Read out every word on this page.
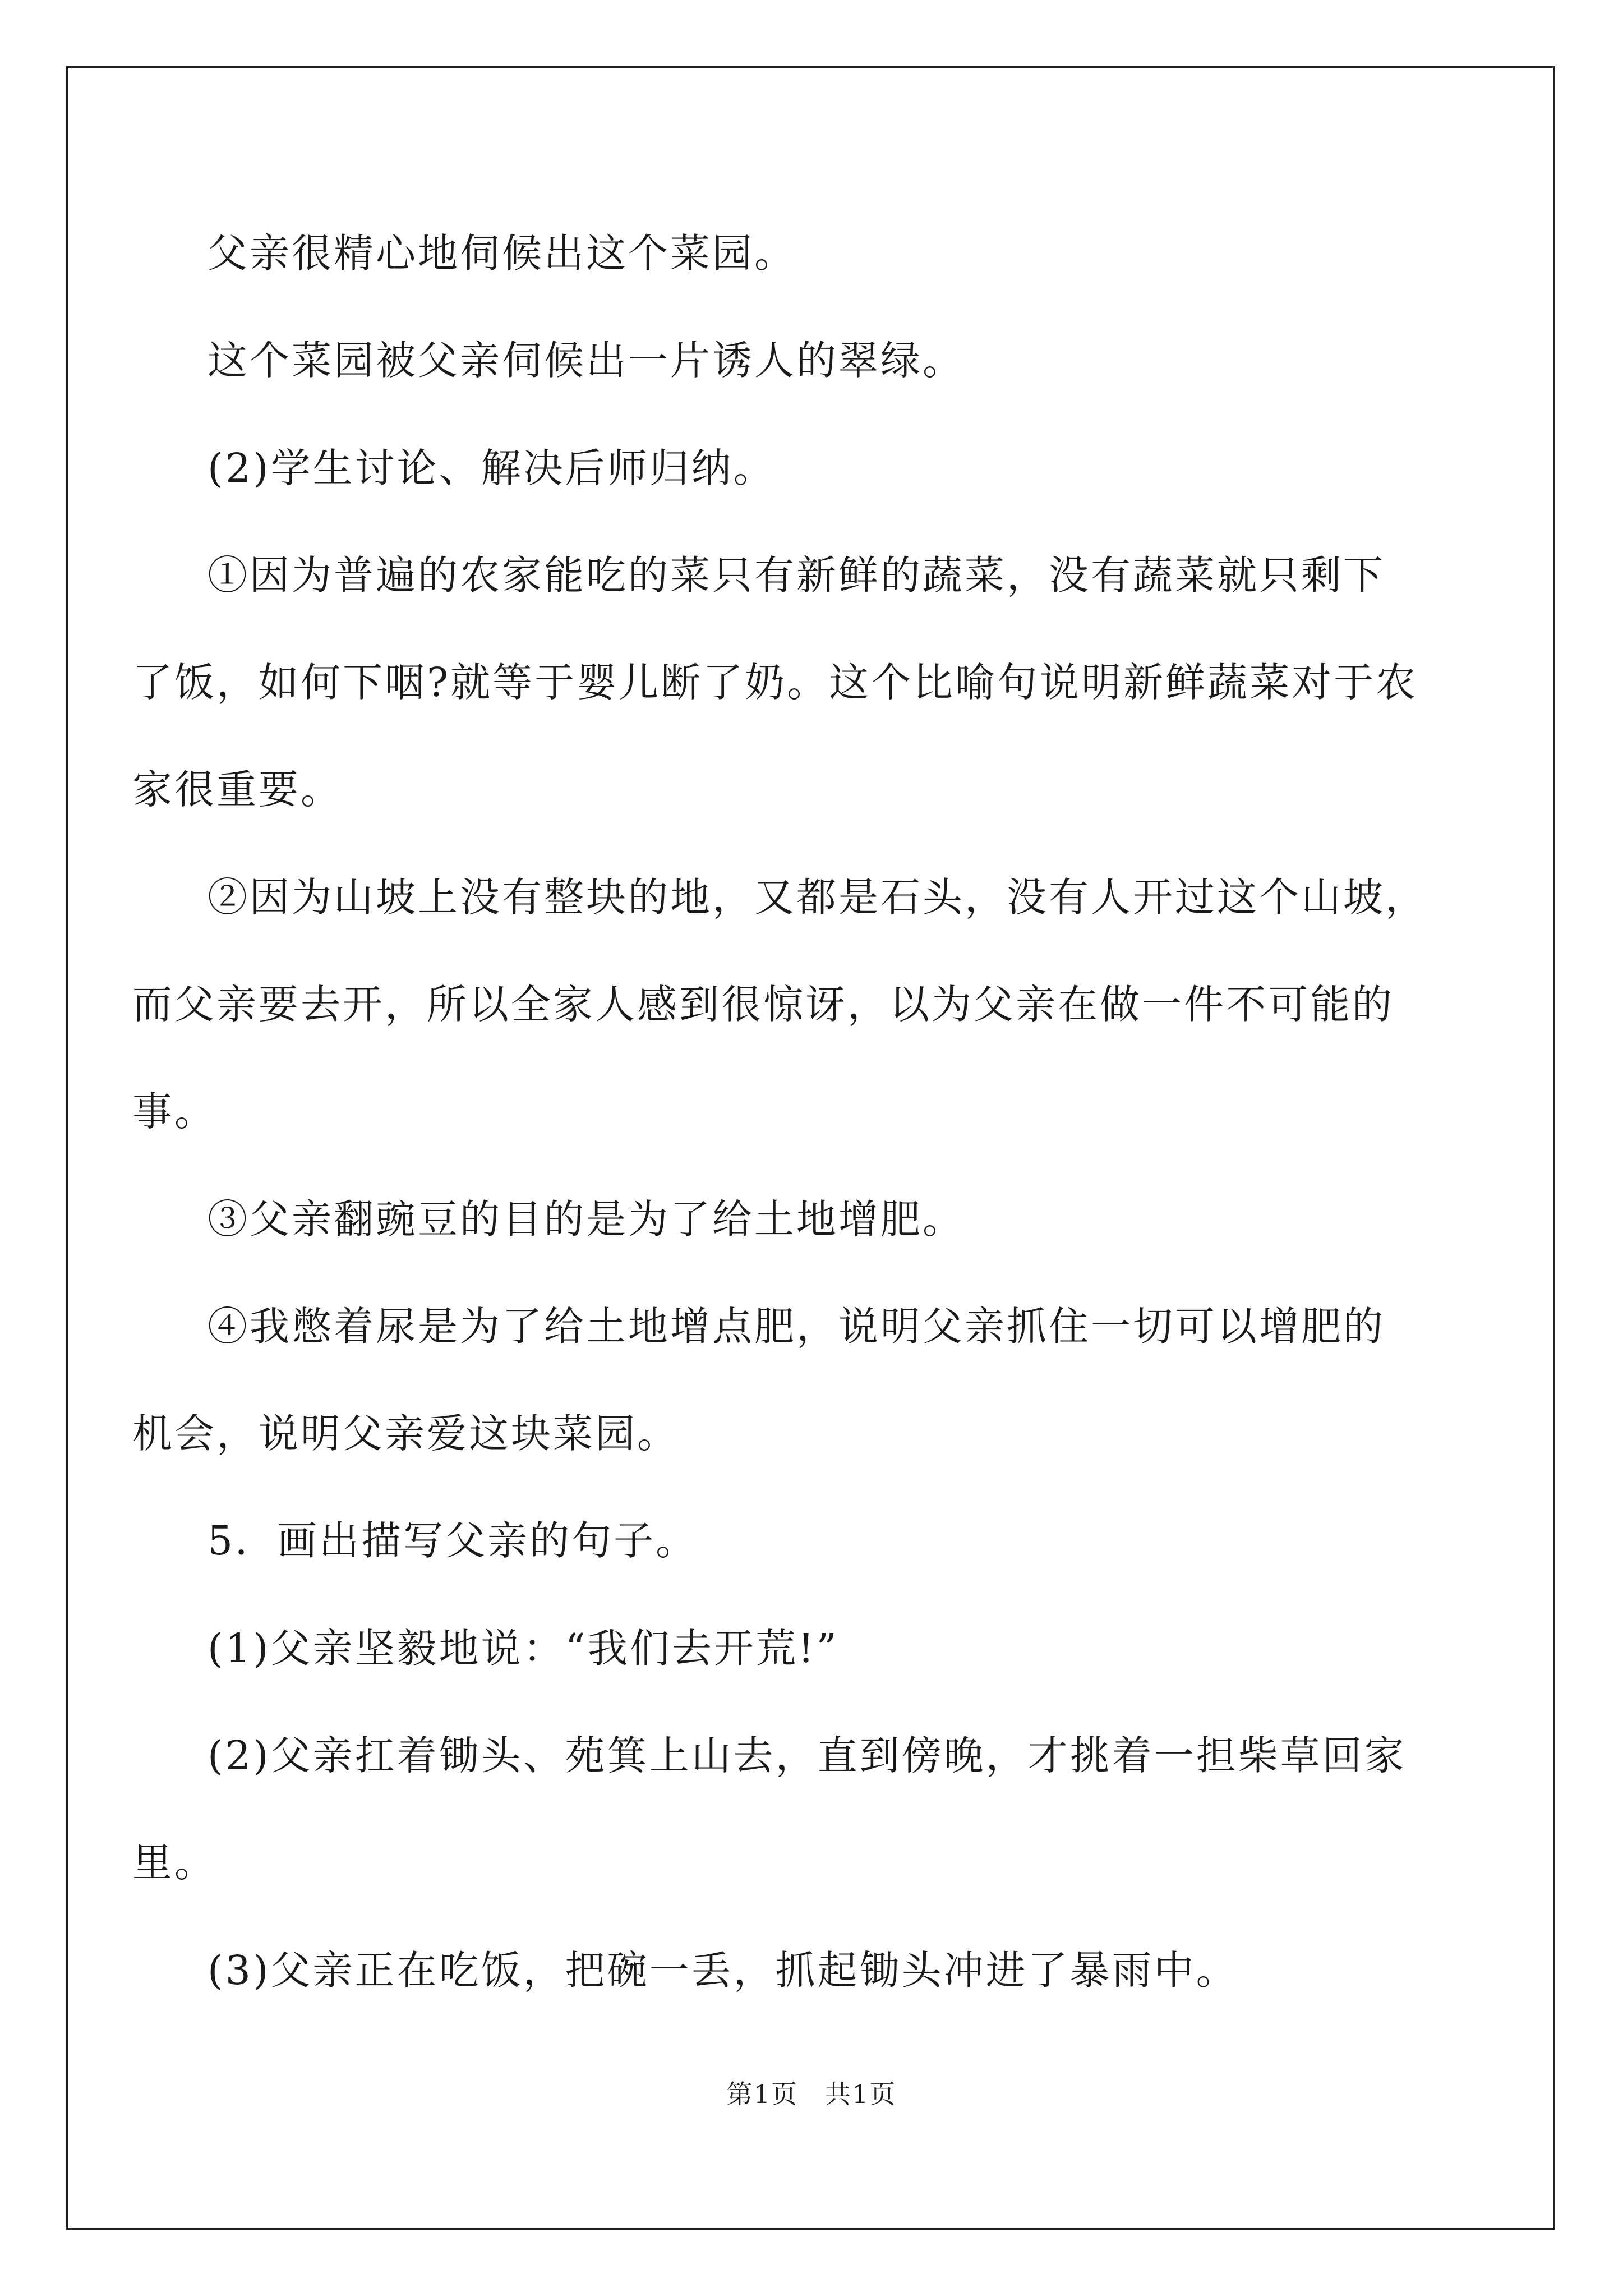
父亲很精心地伺候出这个菜园。
这个菜园被父亲伺候出一片诱人的翠绿。
(2)学生讨论、解决后师归纳。
①因为普遍的农家能吃的菜只有新鲜的蔬菜，没有蔬菜就只剩下
了饭，如何下咽?就等于婴儿断了奶。这个比喻句说明新鲜蔬菜对于农
家很重要。
②因为山坡上没有整块的地，又都是石头，没有人开过这个山坡，
而父亲要去开，所以全家人感到很惊讶，以为父亲在做一件不可能的
事。
③父亲翻豌豆的目的是为了给土地增肥。
④我憋着尿是为了给土地增点肥，说明父亲抓住一切可以增肥的
机会，说明父亲爱这块菜园。
5．画出描写父亲的句子。
(1)父亲坚毅地说：“我们去开荒!”
(2)父亲扛着锄头、苑箕上山去，直到傍晚，才挑着一担柴草回家
里。
(3)父亲正在吃饭，把碗一丢，抓起锄头冲进了暴雨中。
第1页　共1页
